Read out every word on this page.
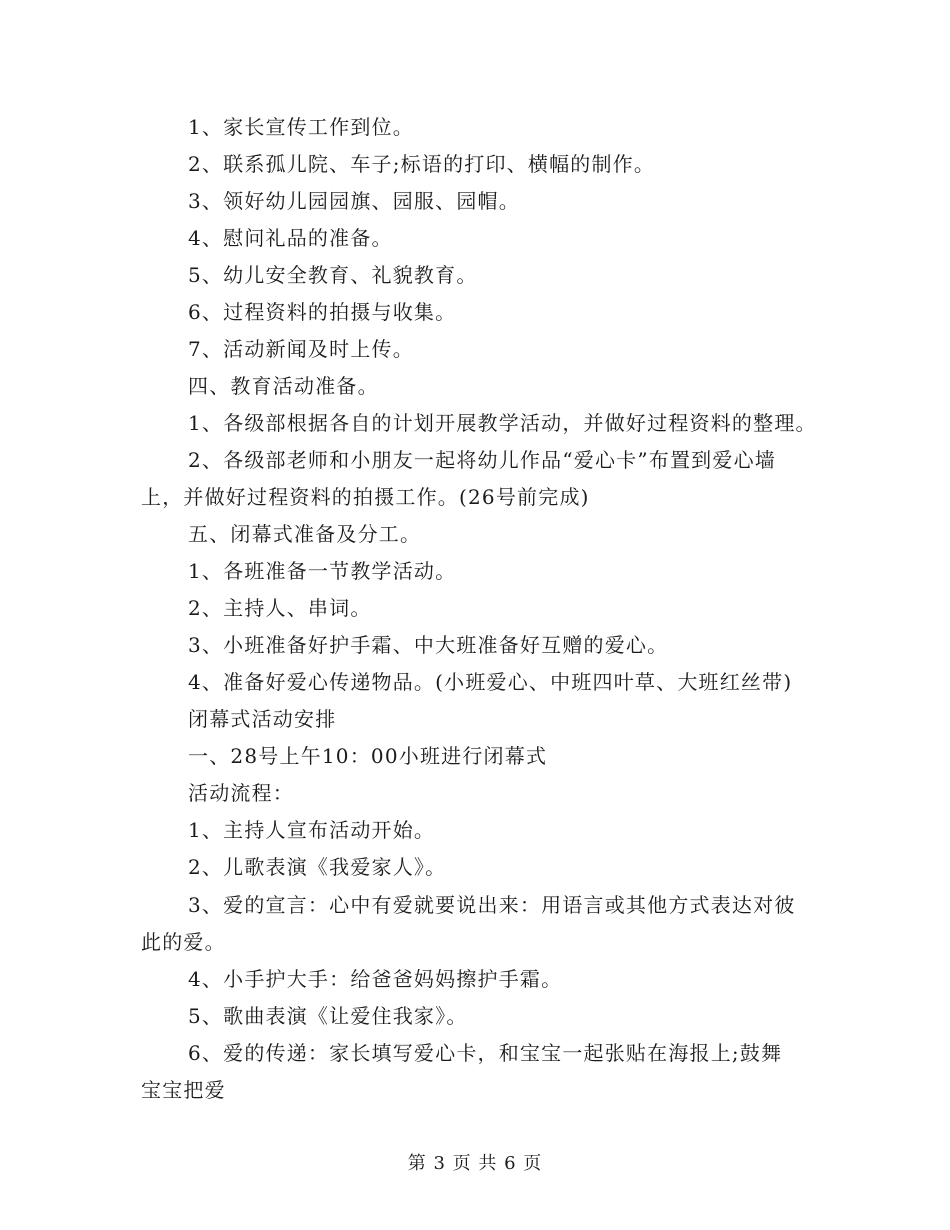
1、家长宣传工作到位。
2、联系孤儿院、车子;标语的打印、横幅的制作。
3、领好幼儿园园旗、园服、园帽。
4、慰问礼品的准备。
5、幼儿安全教育、礼貌教育。
6、过程资料的拍摄与收集。
7、活动新闻及时上传。
四、教育活动准备。
1、各级部根据各自的计划开展教学活动，并做好过程资料的整理。
2、各级部老师和小朋友一起将幼儿作品“爱心卡”布置到爱心墙
上，并做好过程资料的拍摄工作。(26号前完成)
五、闭幕式准备及分工。
1、各班准备一节教学活动。
2、主持人、串词。
3、小班准备好护手霜、中大班准备好互赠的爱心。
4、准备好爱心传递物品。(小班爱心、中班四叶草、大班红丝带)
闭幕式活动安排
一、28号上午10：00小班进行闭幕式
活动流程：
1、主持人宣布活动开始。
2、儿歌表演《我爱家人》。
3、爱的宣言：心中有爱就要说出来：用语言或其他方式表达对彼
此的爱。
4、小手护大手：给爸爸妈妈擦护手霜。
5、歌曲表演《让爱住我家》。
6、爱的传递：家长填写爱心卡，和宝宝一起张贴在海报上;鼓舞
宝宝把爱
第 3 页 共 6 页
